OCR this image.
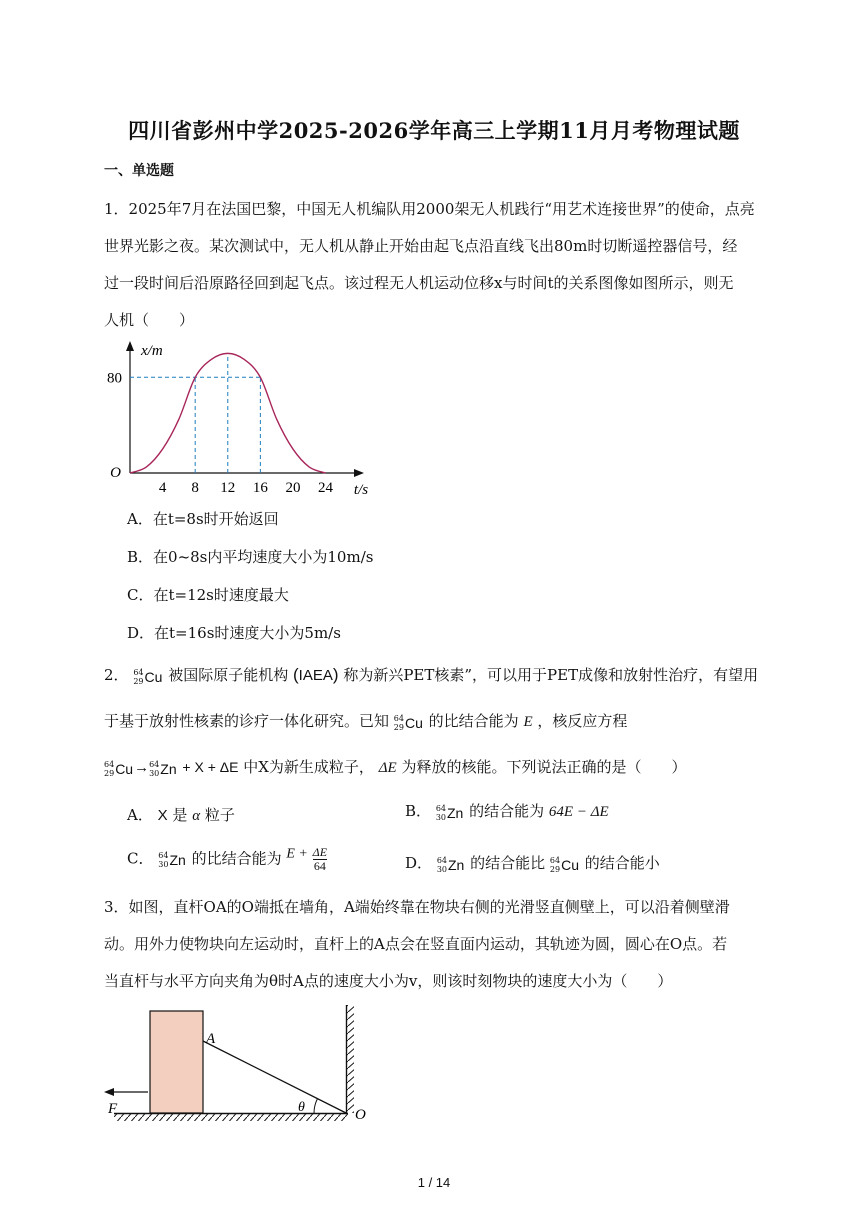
四川省彭州中学2025-2026学年高三上学期11月月考物理试题
一、单选题
1．2025年7月在法国巴黎，中国无人机编队用2000架无人机践行“用艺术连接世界”的使命，点亮
世界光影之夜。某次测试中，无人机从静止开始由起飞点沿直线飞出80m时切断遥控器信号，经
过一段时间后沿原路径回到起飞点。该过程无人机运动位移x与时间t的关系图像如图所示，则无
人机（　　）
4 8 12 16 20 24
80
O
t/s
x/m
A．在t=8s时开始返回
B．在0~8s内平均速度大小为10m/s
C．在t=12s时速度最大
D．在t=16s时速度大小为5m/s
2． 64
29 Cu 被国际原子能机构 (IAEA) 称为新兴PET核素”，可以用于PET成像和放射性治疗，有望用
于基于放射性核素的诊疗一体化研究。已知 64
29 Cu 的比结合能为 E ，核反应方程
64
29 Cu→ 64
30 Zn + X + ΔE 中X为新生成粒子， ΔE 为释放的核能。下列说法正确的是（　　）
A． X 是 α 粒子	B． 64
30 Zn 的结合能为 64E − ΔE
C． 64
30 Zn 的比结合能为 $E + \frac{\Delta E}{64}$	D． 64
30 Zn 的结合能比 64
29 Cu 的结合能小
3．如图，直杆OA的O端抵在墙角，A端始终靠在物块右侧的光滑竖直侧壁上，可以沿着侧壁滑
动。用外力使物块向左运动时，直杆上的A点会在竖直面内运动，其轨迹为圆，圆心在O点。若
当直杆与水平方向夹角为θ时A点的速度大小为v，则该时刻物块的速度大小为（　　）
A
F	θ	O
1 / 14
